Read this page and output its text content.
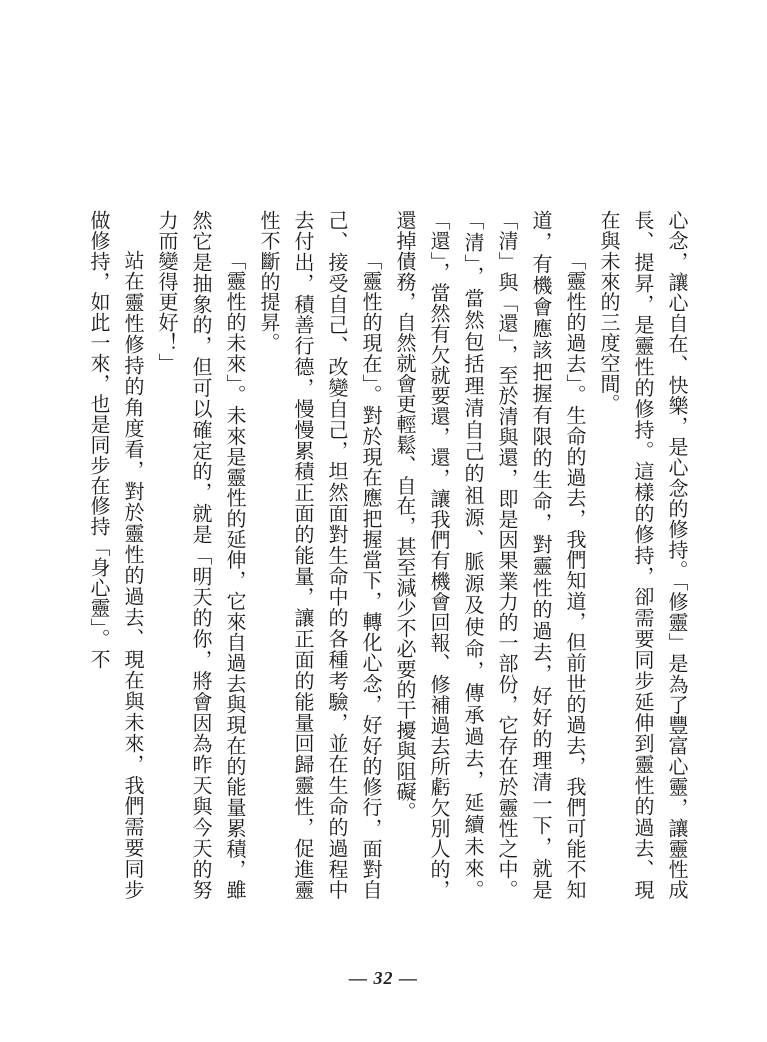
心念，讓心自在、快樂，是心念的修持。「修靈」是為了豐富心靈，讓靈性成長、提昇，是靈性的修持。這樣的修持，卻需要同步延伸到靈性的過去、現在與未來的三度空間。

「靈性的過去」。生命的過去，我們知道，但前世的過去，我們可能不知道，有機會應該把握有限的生命，對靈性的過去，好好的理清一下，就是「清」與「還」，至於清與還，即是因果業力的一部份，它存在於靈性之中。「清」，當然包括理清自己的祖源、脈源及使命，傳承過去，延續未來。「還」，當然有欠就要還，還，讓我們有機會回報、修補過去所虧欠別人的，還掉債務，自然就會更輕鬆、自在，甚至減少不必要的干擾與阻礙。

「靈性的現在」。對於現在應把握當下，轉化心念，好好的修行，面對自己、接受自己、改變自己，坦然面對生命中的各種考驗，並在生命的過程中去付出，積善行德，慢慢累積正面的能量，讓正面的能量回歸靈性，促進靈性不斷的提昇。

「靈性的未來」。未來是靈性的延伸，它來自過去與現在的能量累積，雖然它是抽象的，但可以確定的，就是「明天的你，將會因為昨天與今天的努力而變得更好！」

站在靈性修持的角度看，對於靈性的過去、現在與未來，我們需要同步做修持，如此一來，也是同步在修持「身心靈」。不

— 32 —
